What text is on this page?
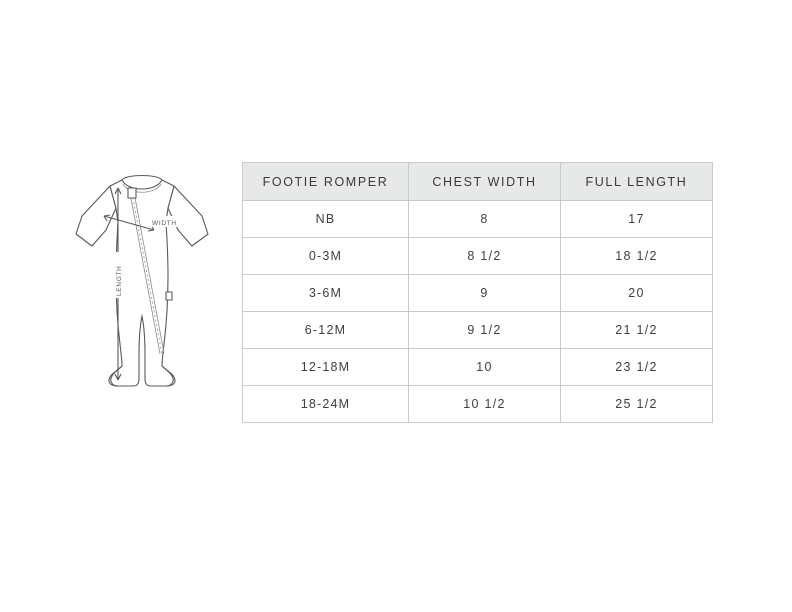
WIDTH
LENGTH
FOOTIE ROMPER	CHEST WIDTH	FULL LENGTH
NB	8	17
0-3M	8 1/2	18 1/2
3-6M	9	20
6-12M	9 1/2	21 1/2
12-18M	10	23 1/2
18-24M	10 1/2	25 1/2
